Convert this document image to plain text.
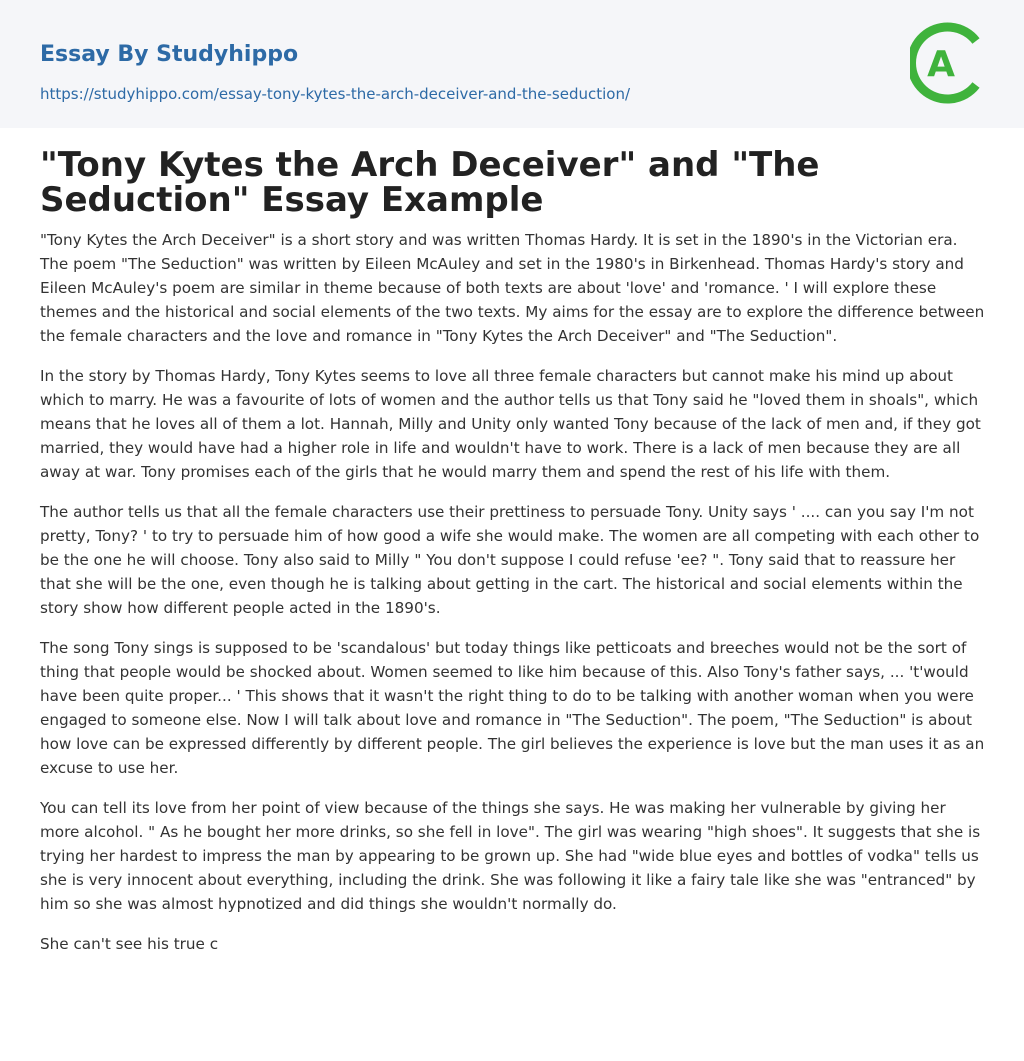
Essay By Studyhippo
https://studyhippo.com/essay-tony-kytes-the-arch-deceiver-and-the-seduction/
A
"Tony Kytes the Arch Deceiver" and "The Seduction" Essay Example

"Tony Kytes the Arch Deceiver" is a short story and was written Thomas Hardy. It is set in the 1890's in the Victorian era. The poem "The Seduction" was written by Eileen McAuley and set in the 1980's in Birkenhead. Thomas Hardy's story and Eileen McAuley's poem are similar in theme because of both texts are about 'love' and 'romance. ' I will explore these themes and the historical and social elements of the two texts. My aims for the essay are to explore the difference between the female characters and the love and romance in "Tony Kytes the Arch Deceiver" and "The Seduction".

In the story by Thomas Hardy, Tony Kytes seems to love all three female characters but cannot make his mind up about which to marry. He was a favourite of lots of women and the author tells us that Tony said he "loved them in shoals", which means that he loves all of them a lot. Hannah, Milly and Unity only wanted Tony because of the lack of men and, if they got married, they would have had a higher role in life and wouldn't have to work. There is a lack of men because they are all away at war. Tony promises each of the girls that he would marry them and spend the rest of his life with them.

The author tells us that all the female characters use their prettiness to persuade Tony. Unity says ' .... can you say I'm not pretty, Tony? ' to try to persuade him of how good a wife she would make. The women are all competing with each other to be the one he will choose. Tony also said to Milly " You don't suppose I could refuse 'ee? ". Tony said that to reassure her that she will be the one, even though he is talking about getting in the cart. The historical and social elements within the story show how different people acted in the 1890's.

The song Tony sings is supposed to be 'scandalous' but today things like petticoats and breeches would not be the sort of thing that people would be shocked about. Women seemed to like him because of this. Also Tony's father says, ... 't'would have been quite proper... ' This shows that it wasn't the right thing to do to be talking with another woman when you were engaged to someone else. Now I will talk about love and romance in "The Seduction". The poem, "The Seduction" is about how love can be expressed differently by different people. The girl believes the experience is love but the man uses it as an excuse to use her.

You can tell its love from her point of view because of the things she says. He was making her vulnerable by giving her more alcohol. " As he bought her more drinks, so she fell in love". The girl was wearing "high shoes". It suggests that she is trying her hardest to impress the man by appearing to be grown up. She had "wide blue eyes and bottles of vodka" tells us she is very innocent about everything, including the drink. She was following it like a fairy tale like she was "entranced" by him so she was almost hypnotized and did things she wouldn't normally do.

She can't see his true c
